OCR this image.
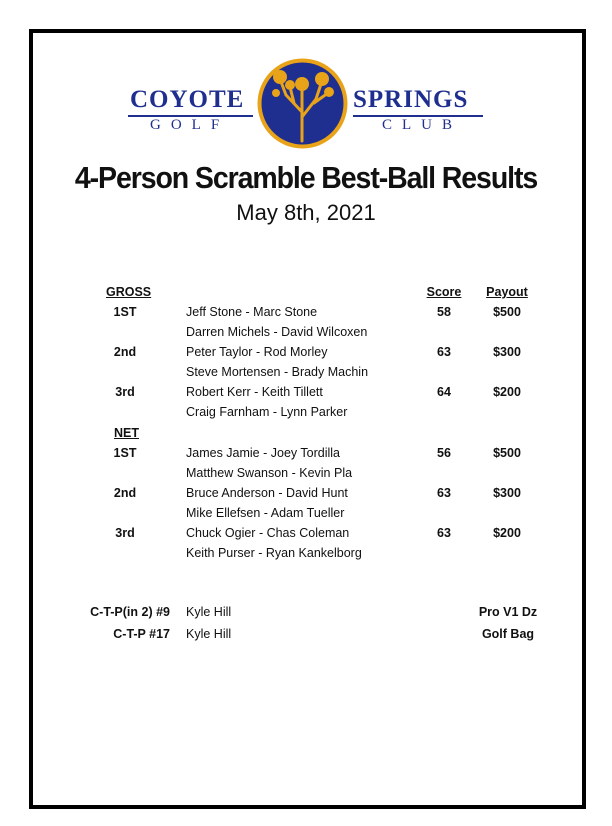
COYOTE	SPRINGS
GOLF	CLUB
4-Person Scramble Best-Ball Results
May 8th, 2021
GROSS	Score	Payout
1ST	Jeff Stone - Marc Stone	58	$500
Darren Michels - David Wilcoxen
2nd	Peter Taylor - Rod Morley	63	$300
Steve Mortensen - Brady Machin
3rd	Robert Kerr - Keith Tillett	64	$200
Craig Farnham - Lynn Parker
NET
1ST	James Jamie - Joey Tordilla	56	$500
Matthew Swanson - Kevin Pla
2nd	Bruce Anderson - David Hunt	63	$300
Mike Ellefsen - Adam Tueller
3rd	Chuck Ogier - Chas Coleman	63	$200
Keith Purser - Ryan Kankelborg
C-T-P(in 2) #9 Kyle Hill	Pro V1 Dz
C-T-P #17 Kyle Hill	Golf Bag
